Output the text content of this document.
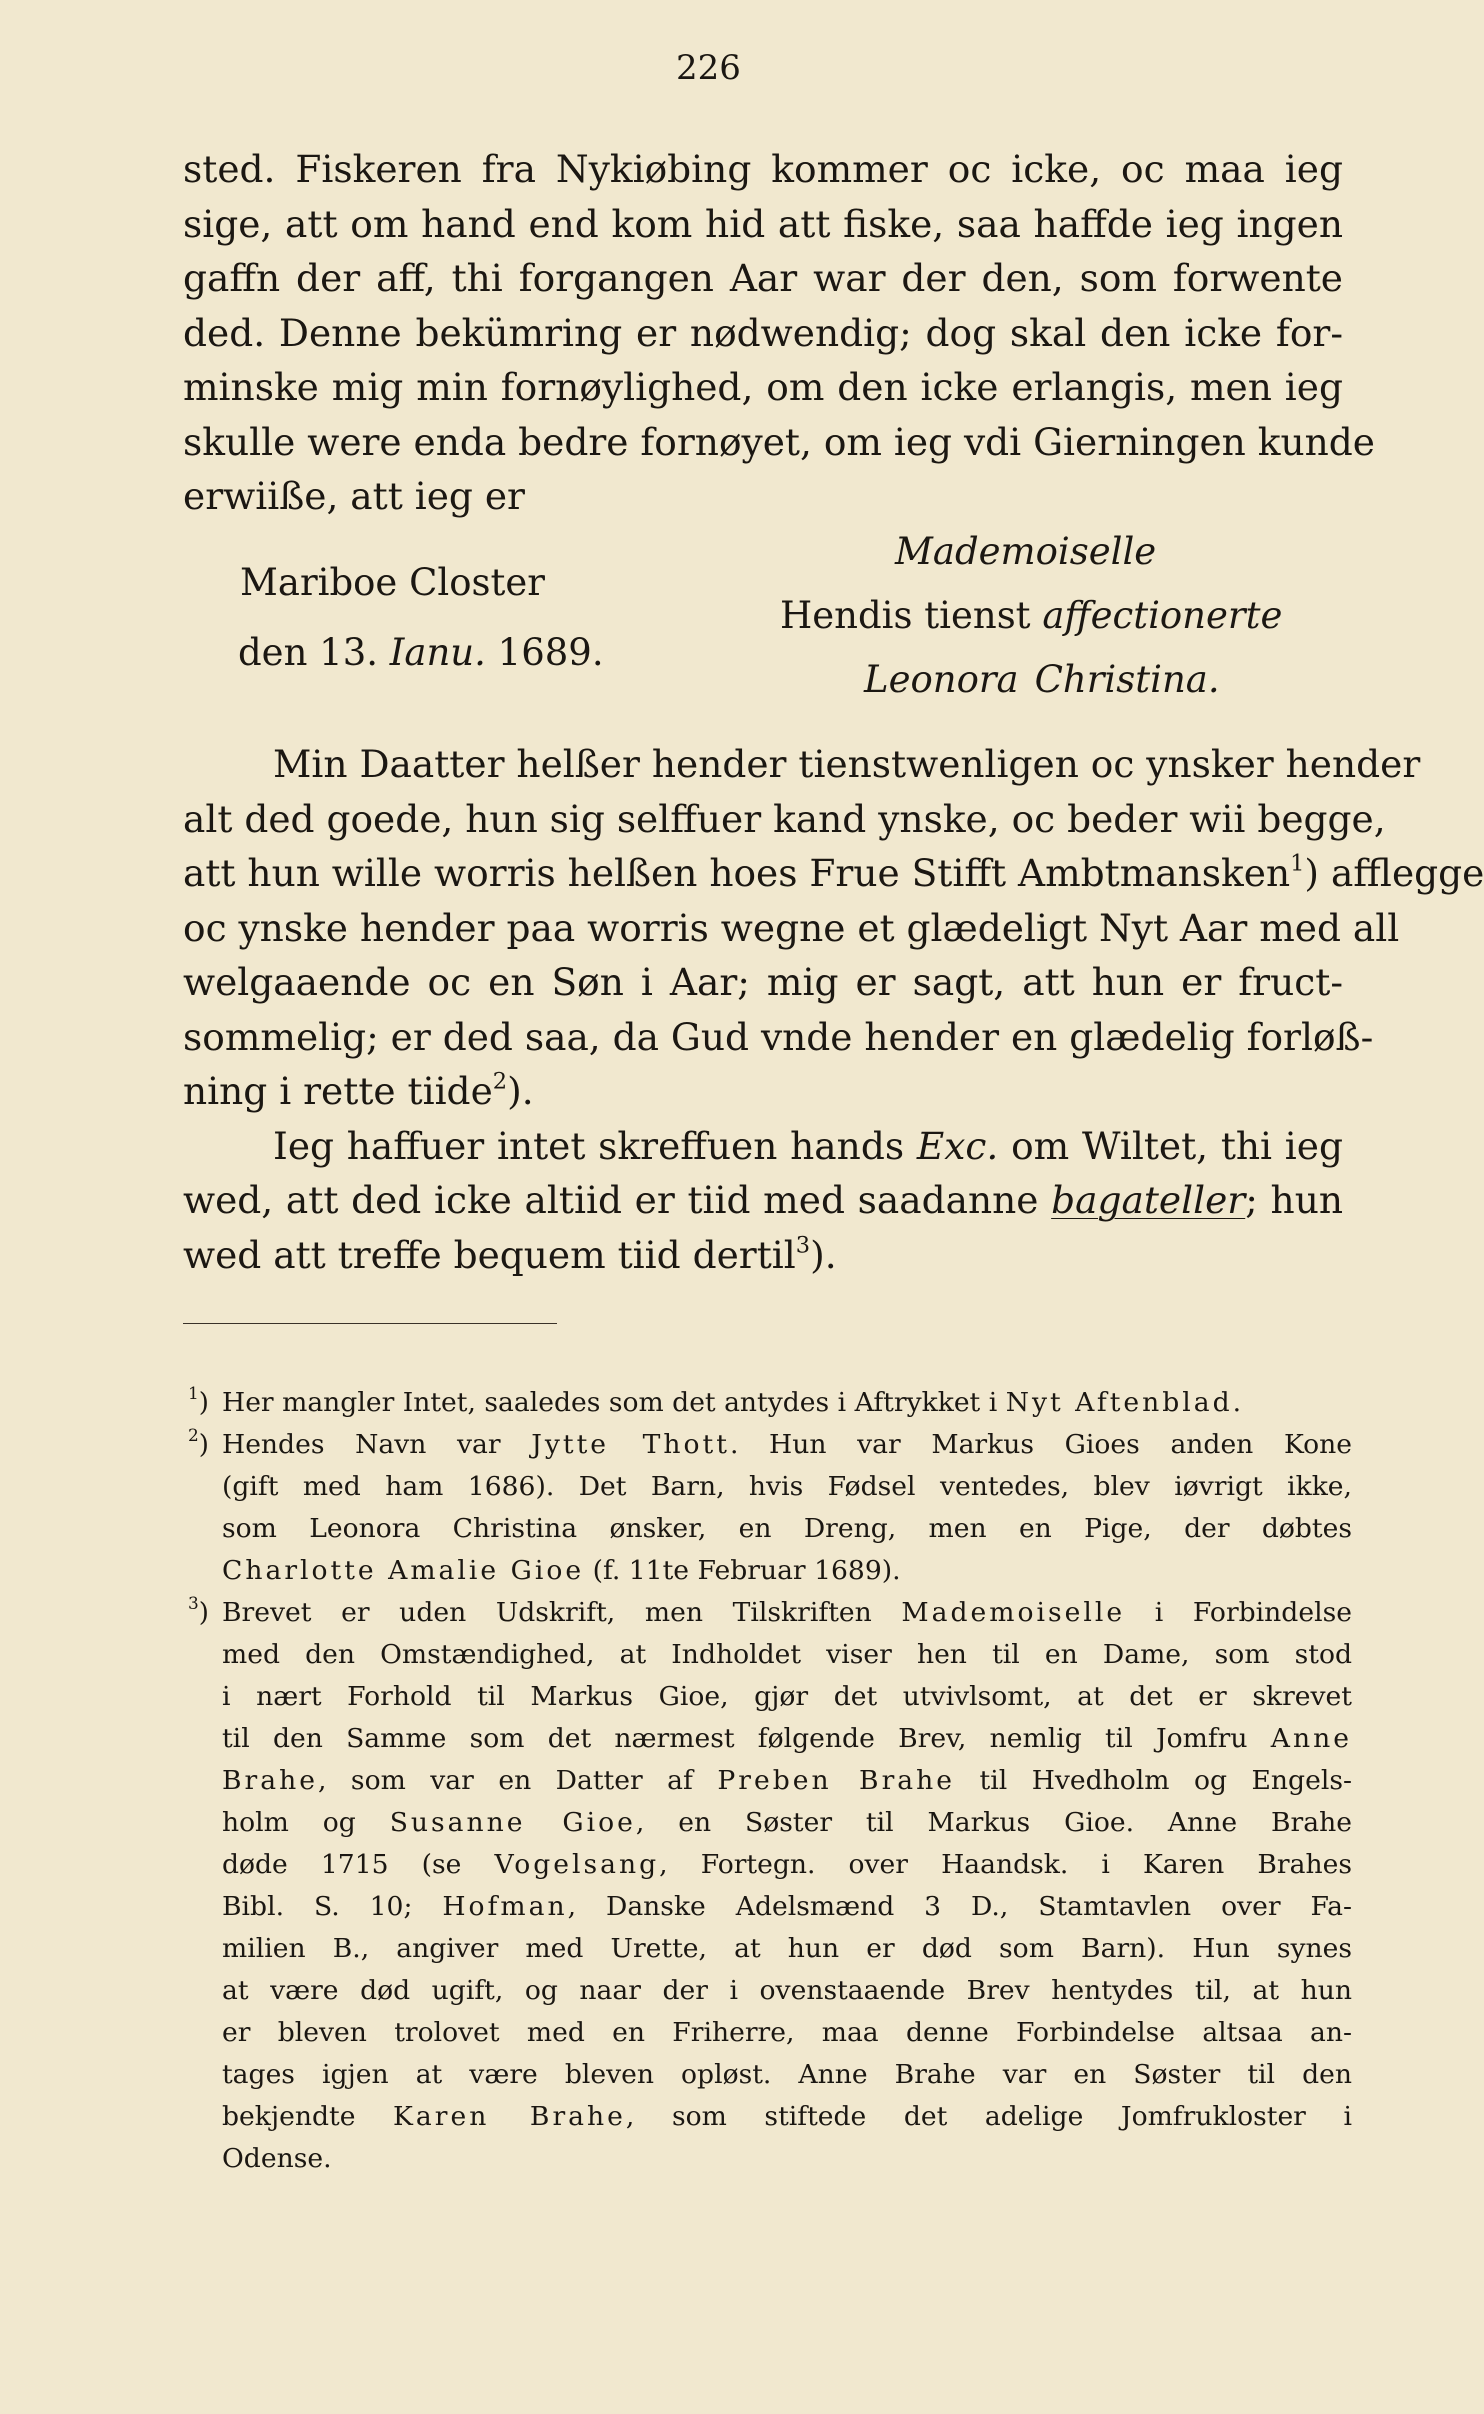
226
sted. Fiskeren fra Nykiøbing kommer oc icke, oc maa ieg
sige, att om hand end kom hid att fiske, saa haffde ieg ingen
gaffn der aff, thi forgangen Aar war der den, som forwente
ded. Denne bekümring er nødwendig; dog skal den icke for-
minske mig min fornøylighed, om den icke erlangis, men ieg
skulle were enda bedre fornøyet, om ieg vdi Gierningen kunde
erwiiße, att ieg er
Mariboe Closter
den 13. Ianu. 1689.
Mademoiselle
Hendis tienst affectionerte
Leonora Christina.
Min Daatter helßer hender tienstwenligen oc ynsker hender
alt ded goede, hun sig selffuer kand ynske, oc beder wii begge,
att hun wille worris helßen hoes Frue Stifft Ambtmansken$^1$) afflegge
oc ynske hender paa worris wegne et glædeligt Nyt Aar med all
welgaaende oc en Søn i Aar; mig er sagt, att hun er fruct-
sommelig; er ded saa, da Gud vnde hender en glædelig forløß-
ning i rette tiide$^2$).
Ieg haffuer intet skreffuen hands Exc. om Wiltet, thi ieg
wed, att ded icke altiid er tiid med saadanne bagateller; hun
wed att treffe bequem tiid dertil$^3$).
$^1$) Her mangler Intet, saaledes som det antydes i Aftrykket i Nyt Aftenblad.
$^2$) Hendes Navn var Jytte Thott. Hun var Markus Gioes anden Kone
(gift med ham 1686). Det Barn, hvis Fødsel ventedes, blev iøvrigt ikke,
som Leonora Christina ønsker, en Dreng, men en Pige, der døbtes
Charlotte Amalie Gioe (f. 11te Februar 1689).
$^3$) Brevet er uden Udskrift, men Tilskriften Mademoiselle i Forbindelse
med den Omstændighed, at Indholdet viser hen til en Dame, som stod
i nært Forhold til Markus Gioe, gjør det utvivlsomt, at det er skrevet
til den Samme som det nærmest følgende Brev, nemlig til Jomfru Anne
Brahe, som var en Datter af Preben Brahe til Hvedholm og Engels-
holm og Susanne Gioe, en Søster til Markus Gioe. Anne Brahe
døde 1715 (se Vogelsang, Fortegn. over Haandsk. i Karen Brahes
Bibl. S. 10; Hofman, Danske Adelsmænd 3 D., Stamtavlen over Fa-
milien B., angiver med Urette, at hun er død som Barn). Hun synes
at være død ugift, og naar der i ovenstaaende Brev hentydes til, at hun
er bleven trolovet med en Friherre, maa denne Forbindelse altsaa an-
tages igjen at være bleven opløst. Anne Brahe var en Søster til den
bekjendte Karen Brahe, som stiftede det adelige Jomfrukloster i
Odense.
